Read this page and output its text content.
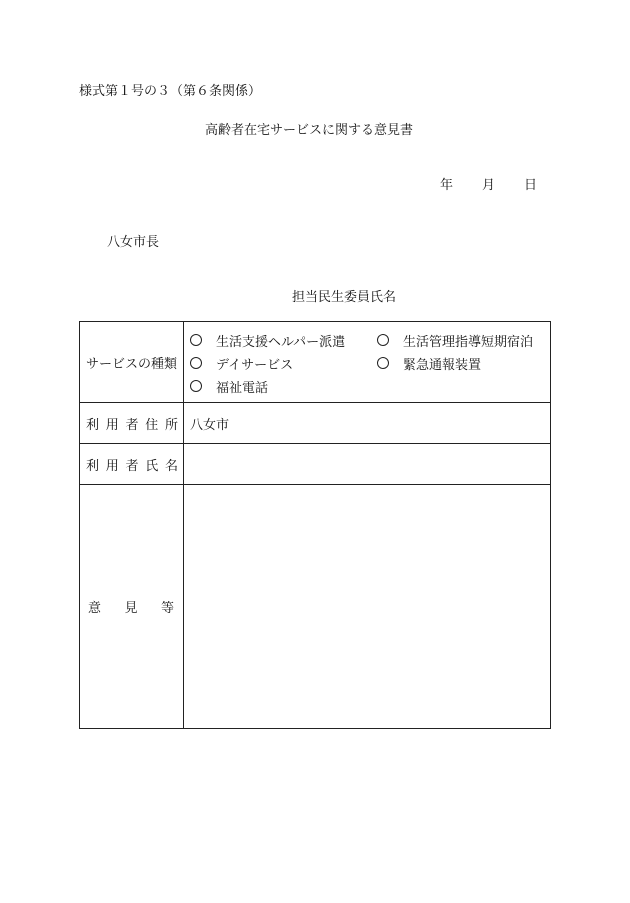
様式第１号の３（第６条関係）
高齢者在宅サービスに関する意見書
年 月 日
八女市長
担当民生委員氏名
サービスの種類	生活支援ヘルパー派遣 生活管理指導短期宿泊
デイサービス 緊急通報装置
福祉電話

利 用 者 住 所	八女市

利 用 者 氏 名	

意 見 等	
